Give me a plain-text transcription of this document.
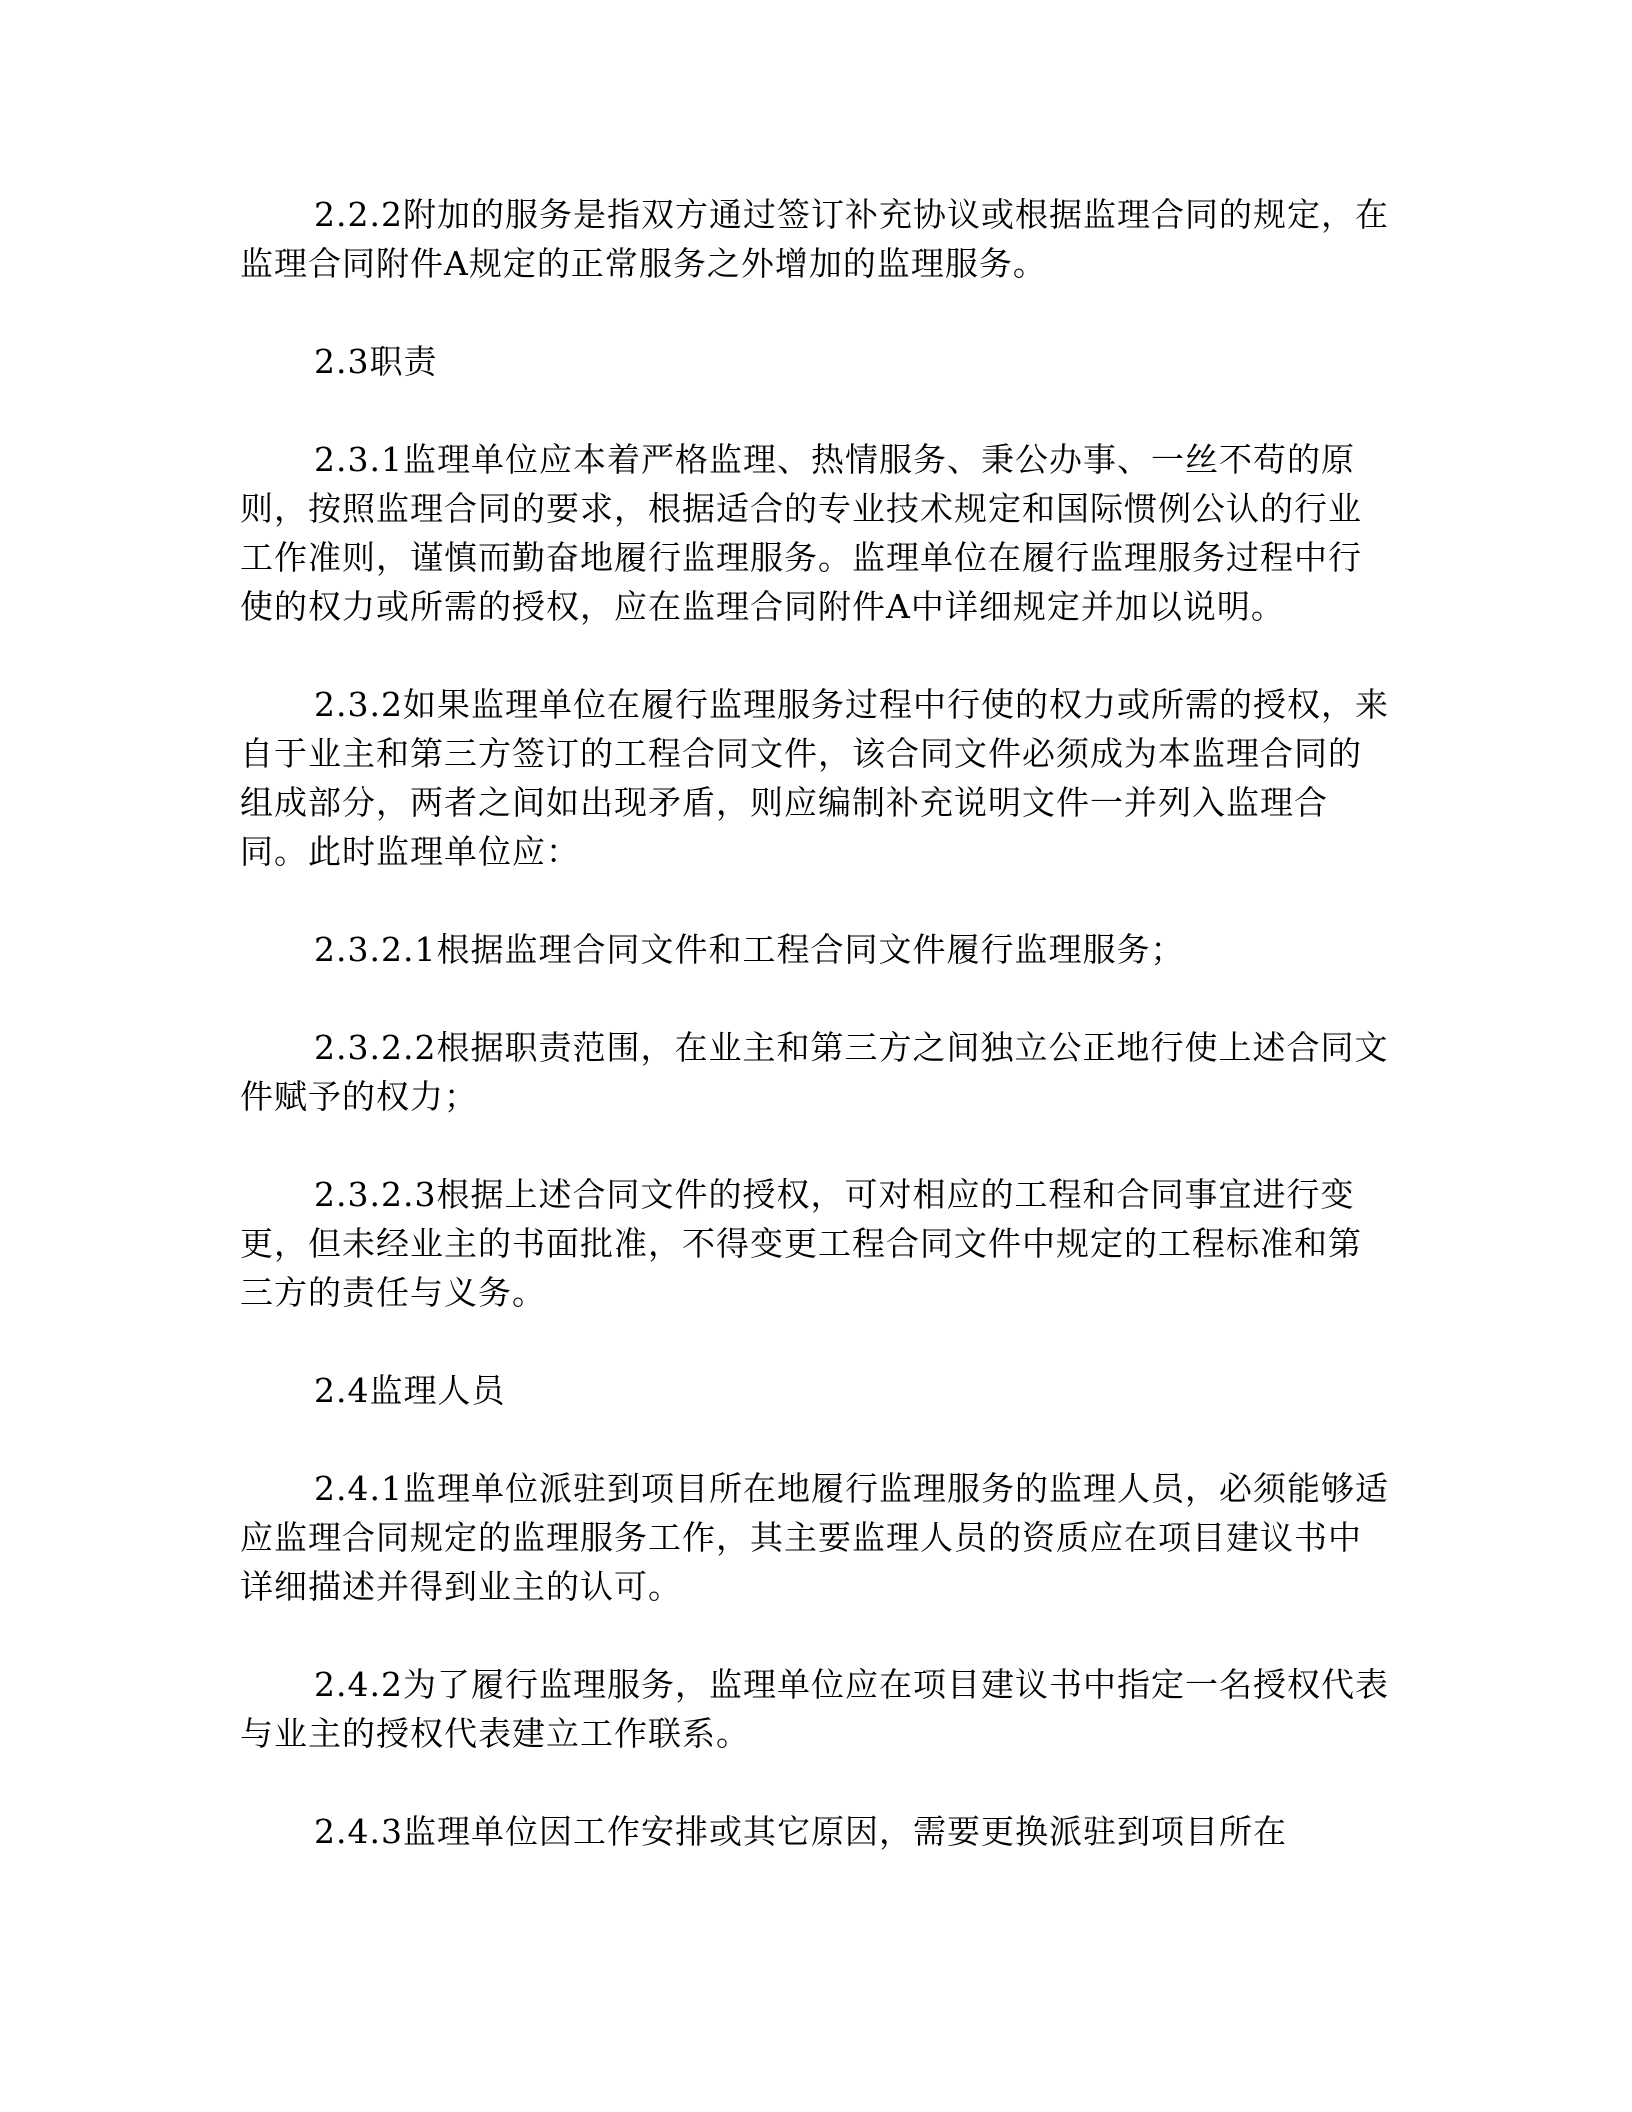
2.2.2附加的服务是指双方通过签订补充协议或根据监理合同的规定，在监理合同附件A规定的正常服务之外增加的监理服务。

2.3职责

2.3.1监理单位应本着严格监理、热情服务、秉公办事、一丝不苟的原则，按照监理合同的要求，根据适合的专业技术规定和国际惯例公认的行业工作准则，谨慎而勤奋地履行监理服务。监理单位在履行监理服务过程中行使的权力或所需的授权，应在监理合同附件A中详细规定并加以说明。

2.3.2如果监理单位在履行监理服务过程中行使的权力或所需的授权，来自于业主和第三方签订的工程合同文件，该合同文件必须成为本监理合同的组成部分，两者之间如出现矛盾，则应编制补充说明文件一并列入监理合同。此时监理单位应：

2.3.2.1根据监理合同文件和工程合同文件履行监理服务；

2.3.2.2根据职责范围，在业主和第三方之间独立公正地行使上述合同文件赋予的权力；

2.3.2.3根据上述合同文件的授权，可对相应的工程和合同事宜进行变更，但未经业主的书面批准，不得变更工程合同文件中规定的工程标准和第三方的责任与义务。

2.4监理人员

2.4.1监理单位派驻到项目所在地履行监理服务的监理人员，必须能够适应监理合同规定的监理服务工作，其主要监理人员的资质应在项目建议书中详细描述并得到业主的认可。

2.4.2为了履行监理服务，监理单位应在项目建议书中指定一名授权代表与业主的授权代表建立工作联系。

2.4.3监理单位因工作安排或其它原因，需要更换派驻到项目所在
